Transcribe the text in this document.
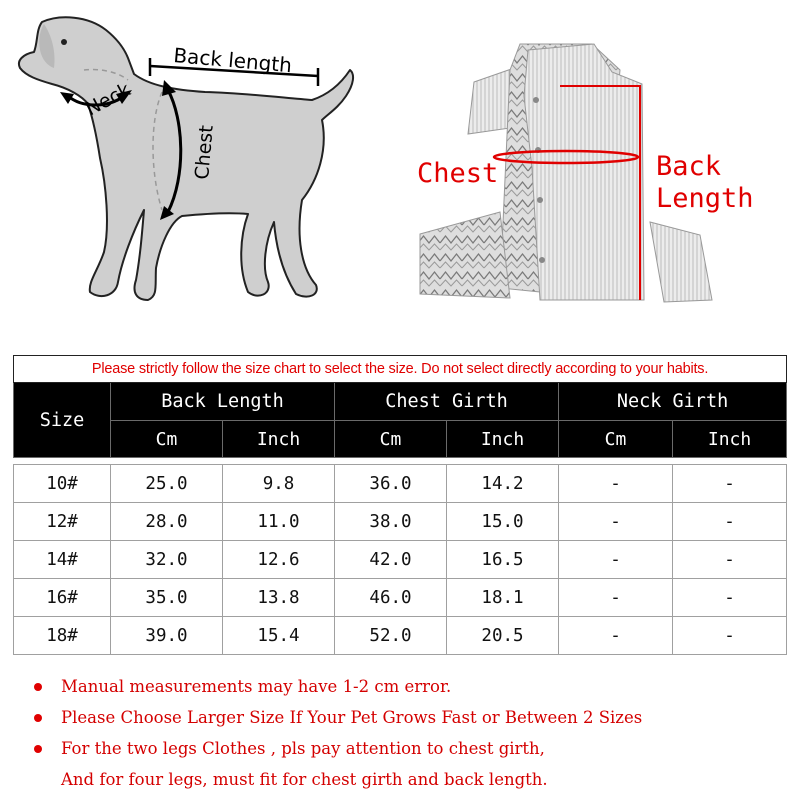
Back length
Neck
Chest	Chest	Back
Length
Please strictly follow the size chart to select the size. Do not select directly according to your habits.						
Size	Back Length		Chest Girth		Neck Girth	
	Cm	Inch	Cm	Inch	Cm	Inch

10#	25.0	9.8	36.0	14.2	-	-
12#	28.0	11.0	38.0	15.0	-	-
14#	32.0	12.6	42.0	16.5	-	-
16#	35.0	13.8	46.0	18.1	-	-
18#	39.0	15.4	52.0	20.5	-	-
Manual measurements may have 1-2 cm error.
Please Choose Larger Size If Your Pet Grows Fast or Between 2 Sizes
For the two legs Clothes , pls pay attention to chest girth,
And for four legs, must fit for chest girth and back length.
